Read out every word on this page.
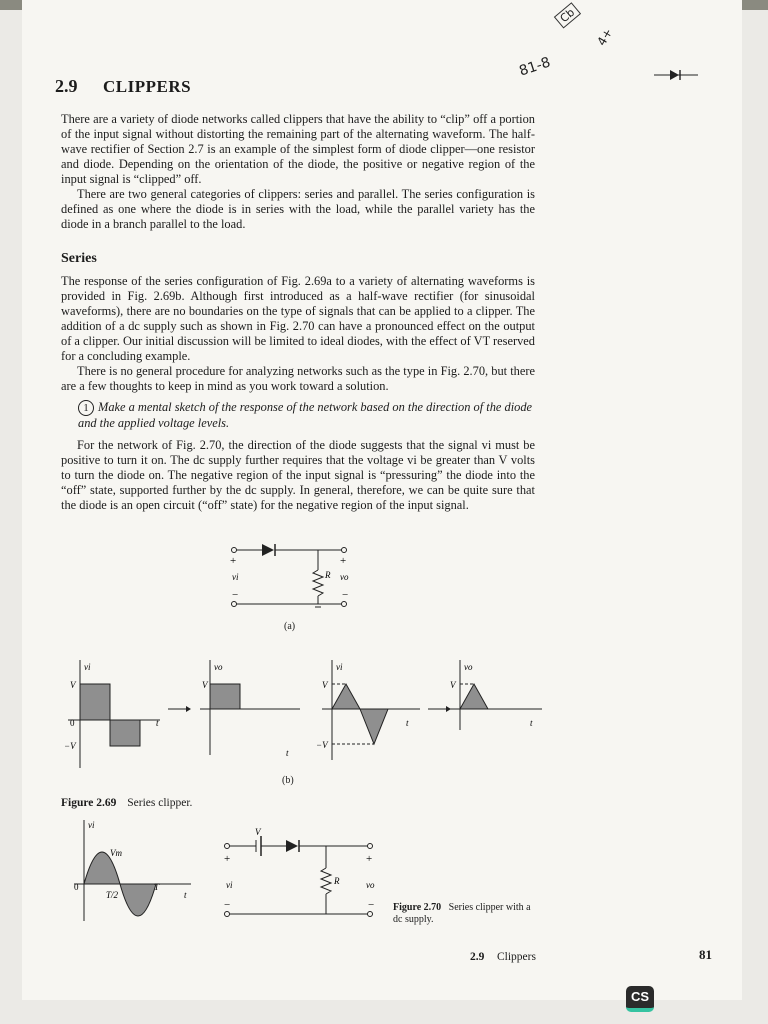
2.9 CLIPPERS
81-8
Cb
4+

There are a variety of diode networks called clippers that have the ability to “clip” off a portion of the input signal without distorting the remaining part of the alternating waveform. The half-wave rectifier of Section 2.7 is an example of the simplest form of diode clipper—one resistor and diode. Depending on the orientation of the diode, the positive or negative region of the input signal is “clipped” off.

There are two general categories of clippers: series and parallel. The series configuration is defined as one where the diode is in series with the load, while the parallel variety has the diode in a branch parallel to the load.

Series

The response of the series configuration of Fig. 2.69a to a variety of alternating waveforms is provided in Fig. 2.69b. Although first introduced as a half-wave rectifier (for sinusoidal waveforms), there are no boundaries on the type of signals that can be applied to a clipper. The addition of a dc supply such as shown in Fig. 2.70 can have a pronounced effect on the output of a clipper. Our initial discussion will be limited to ideal diodes, with the effect of VT reserved for a concluding example.

There is no general procedure for analyzing networks such as the type in Fig. 2.70, but there are a few thoughts to keep in mind as you work toward a solution.

1 Make a mental sketch of the response of the network based on the direction of the diode and the applied voltage levels.

For the network of Fig. 2.70, the direction of the diode suggests that the signal vi must be positive to turn it on. The dc supply further requires that the voltage vi be greater than V volts to turn the diode on. The negative region of the input signal is “pressuring” the diode into the “off” state, supported further by the dc supply. In general, therefore, we can be quite sure that the diode is an open circuit (“off” state) for the negative region of the input signal.

+
vi
−
R
+
vo
−
(a)
vi
V
0
−V
t
vo
V
t
vi
V
−V
t
vo
V
t
(b)
Figure 2.69 Series clipper.
vi
Vm
0
T/2
T
t
V
+
vi
−
R
+
vo
− Figure 2.70 Series clipper with a dc supply.
2.9 Clippers	81
CS
